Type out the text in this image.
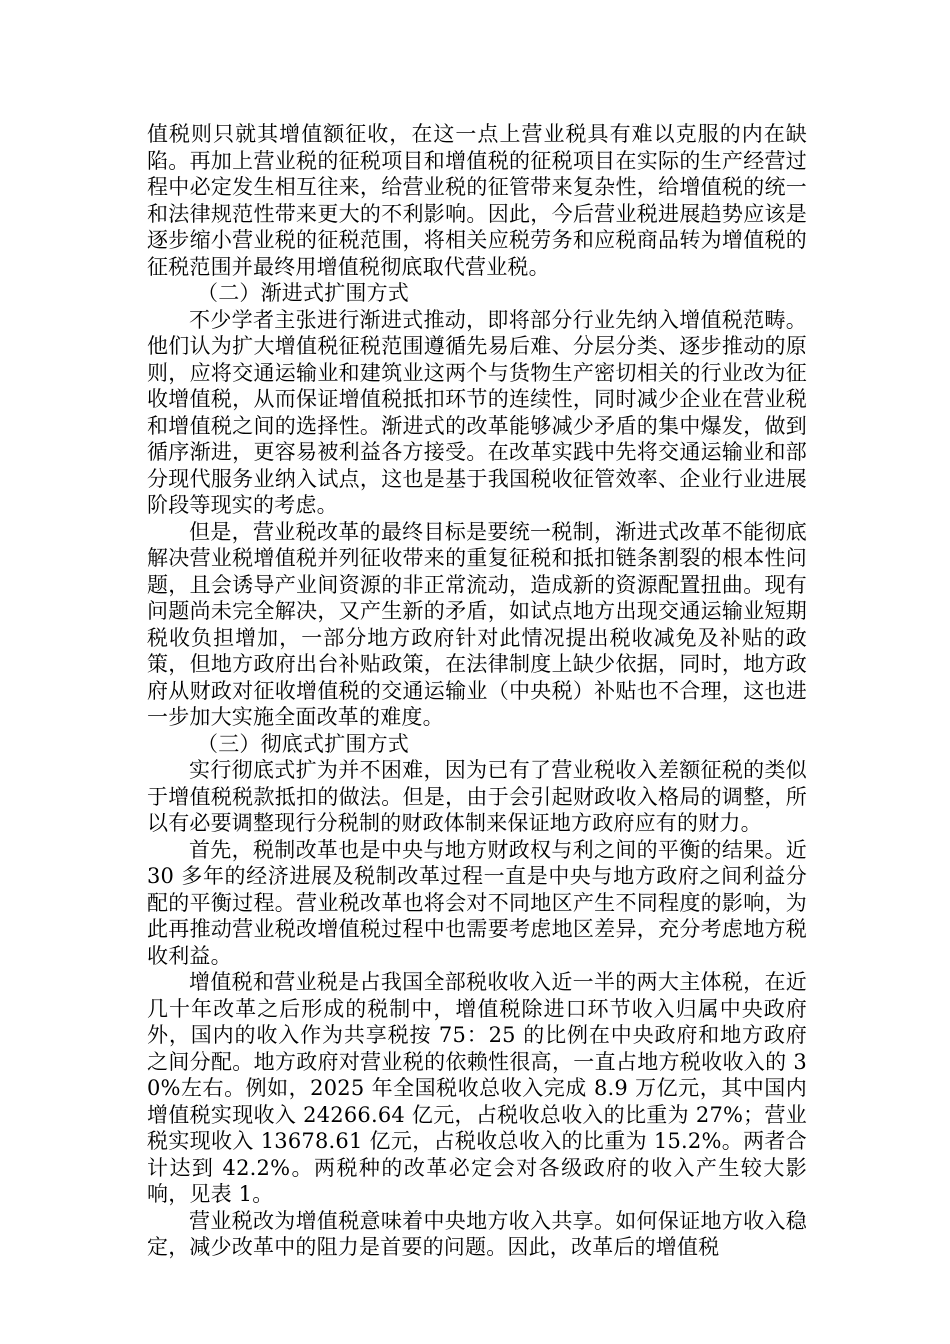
值税则只就其增值额征收，在这一点上营业税具有难以克服的内在缺陷。再加上营业税的征税项目和增值税的征税项目在实际的生产经营过程中必定发生相互往来，给营业税的征管带来复杂性，给增值税的统一和法律规范性带来更大的不利影响。因此，今后营业税进展趋势应该是逐步缩小营业税的征税范围，将相关应税劳务和应税商品转为增值税的征税范围并最终用增值税彻底取代营业税。

（二）渐进式扩围方式

不少学者主张进行渐进式推动，即将部分行业先纳入增值税范畴。他们认为扩大增值税征税范围遵循先易后难、分层分类、逐步推动的原则，应将交通运输业和建筑业这两个与货物生产密切相关的行业改为征收增值税，从而保证增值税抵扣环节的连续性，同时减少企业在营业税和增值税之间的选择性。渐进式的改革能够减少矛盾的集中爆发，做到循序渐进，更容易被利益各方接受。在改革实践中先将交通运输业和部分现代服务业纳入试点，这也是基于我国税收征管效率、企业行业进展阶段等现实的考虑。

但是，营业税改革的最终目标是要统一税制，渐进式改革不能彻底解决营业税增值税并列征收带来的重复征税和抵扣链条割裂的根本性问题，且会诱导产业间资源的非正常流动，造成新的资源配置扭曲。现有问题尚未完全解决，又产生新的矛盾，如试点地方出现交通运输业短期税收负担增加，一部分地方政府针对此情况提出税收减免及补贴的政策，但地方政府出台补贴政策，在法律制度上缺少依据，同时，地方政府从财政对征收增值税的交通运输业（中央税）补贴也不合理，这也进一步加大实施全面改革的难度。

（三）彻底式扩围方式

实行彻底式扩为并不困难，因为已有了营业税收入差额征税的类似于增值税税款抵扣的做法。但是，由于会引起财政收入格局的调整，所以有必要调整现行分税制的财政体制来保证地方政府应有的财力。

首先，税制改革也是中央与地方财政权与利之间的平衡的结果。近 30 多年的经济进展及税制改革过程一直是中央与地方政府之间利益分配的平衡过程。营业税改革也将会对不同地区产生不同程度的影响，为此再推动营业税改增值税过程中也需要考虑地区差异，充分考虑地方税收利益。

增值税和营业税是占我国全部税收收入近一半的两大主体税，在近几十年改革之后形成的税制中，增值税除进口环节收入归属中央政府外，国内的收入作为共享税按 75：25 的比例在中央政府和地方政府之间分配。地方政府对营业税的依赖性很高，一直占地方税收收入的 30%左右。例如，2025 年全国税收总收入完成 8.9 万亿元，其中国内增值税实现收入 24266.64 亿元，占税收总收入的比重为 27%；营业税实现收入 13678.61 亿元，占税收总收入的比重为 15.2%。两者合计达到 42.2%。两税种的改革必定会对各级政府的收入产生较大影响，见表 1。

营业税改为增值税意味着中央地方收入共享。如何保证地方收入稳定，减少改革中的阻力是首要的问题。因此，改革后的增值税
